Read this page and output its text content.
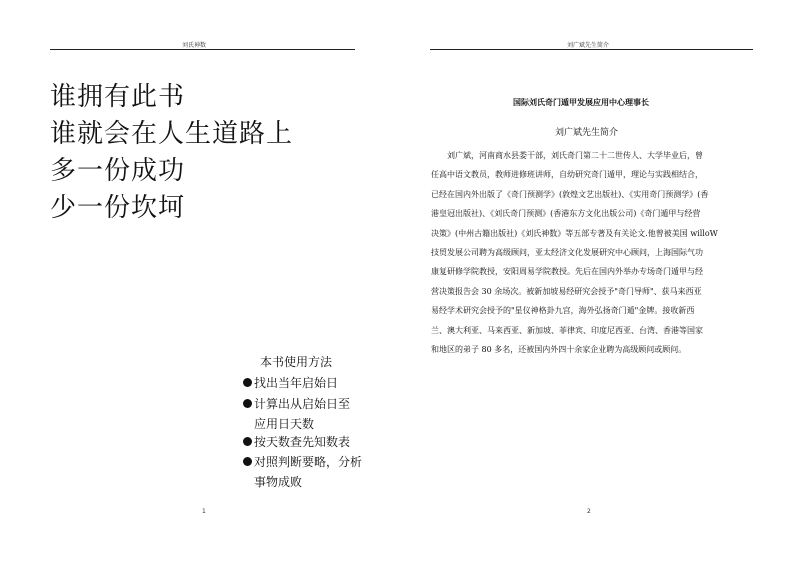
刘氏神数
谁拥有此书
谁就会在人生道路上
多一份成功
少一份坎坷
本书使用方法
找出当年启始日
计算出从启始日至
应用日天数
按天数查先知数表
对照判断要略，分析
事物成败
1
刘广斌先生简介
国际刘氏奇门遁甲发展应用中心理事长
刘广斌先生简介
　　刘广斌，河南商水县娄干部，刘氏奇门第二十二世传人、大学毕业后，曾
任高中语文教员，教师进修班讲师，自幼研究奇门遁甲，理论与实践相结合，
已经在国内外出版了《奇门预测学》(敦煌文艺出版社)、《实用奇门预测学》(香
港皇冠出版社)、《刘氏奇门预测》(香港东方文化出版公司)《奇门遁甲与经营
决策》(中州古籍出版社)《刘氏神数》等五部专著及有关论文.他曾被美国 willoW
技贸发展公司聘为高级顾问，亚太经济文化发展研究中心顾问，上海国际气功
康复研修学院教授，安阳周易学院教授。先后在国内外举办专场奇门遁甲与经
营决策报告会 30 余场次。被新加坡易经研究会授予"奇门导师"、获马来西亚
易经学术研究会授予的"星仪神格卦九宫，海外弘扬奇门遁"金牌。接收新西
兰、澳大利亚、马来西亚、新加坡、菲律宾、印度尼西亚、台湾、香港等国家
和地区的弟子 80 多名，还被国内外四十余家企业聘为高级顾问或顾问。
2
